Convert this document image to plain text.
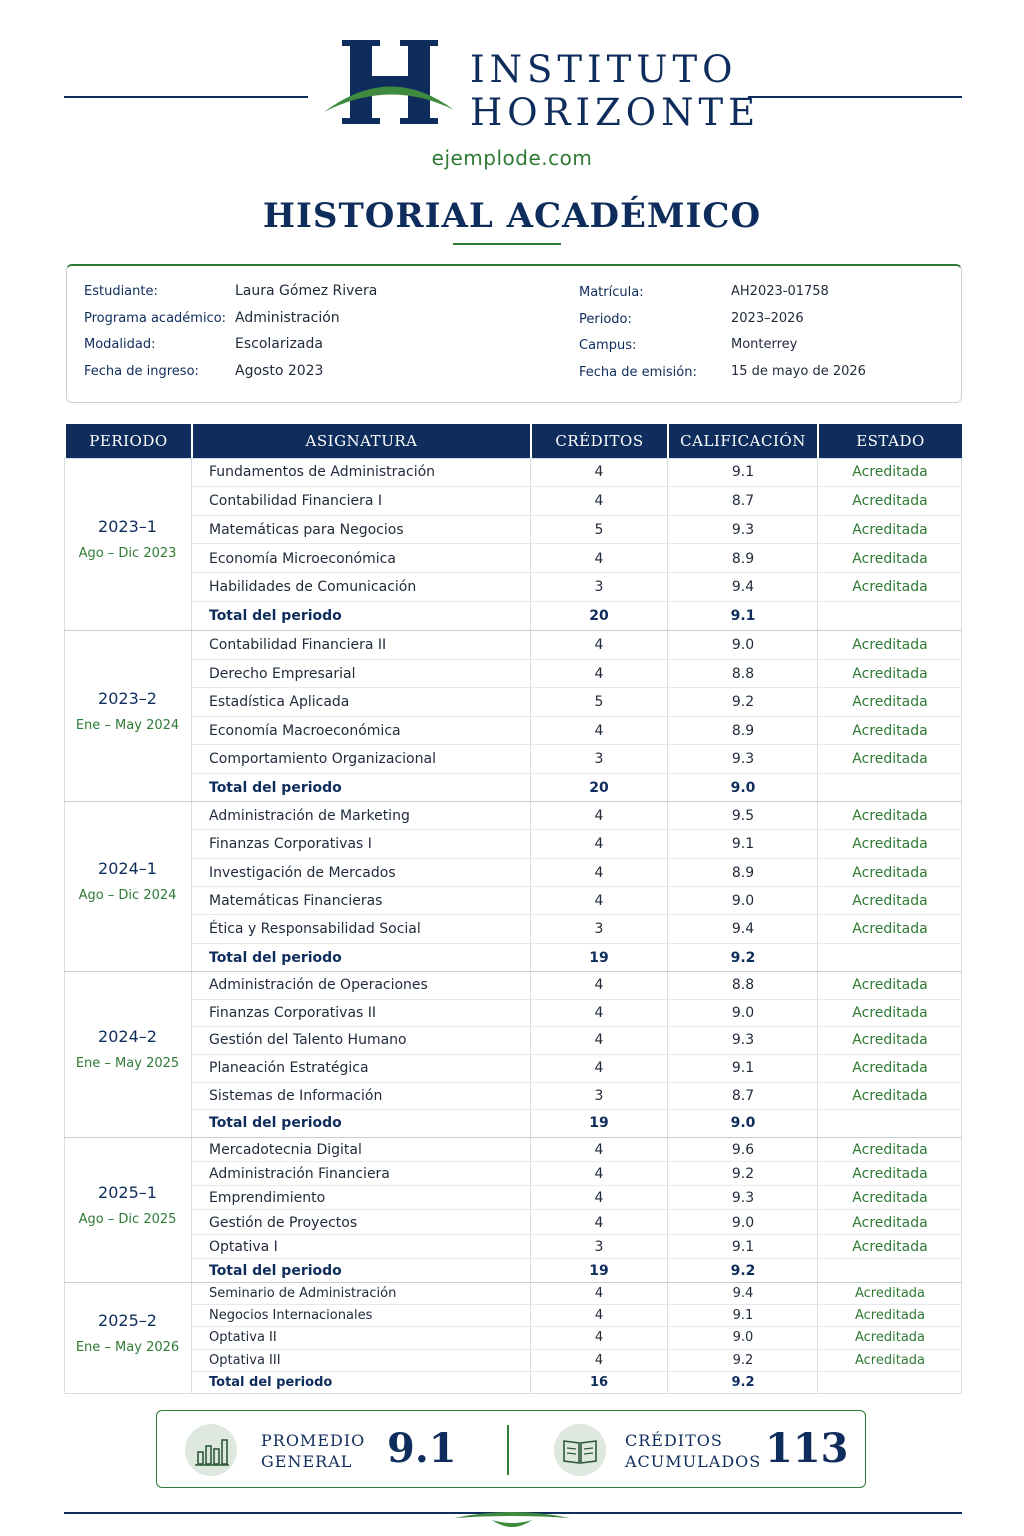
INSTITUTO
HORIZONTE
ejemplode.com
HISTORIAL ACADÉMICO
Estudiante:	Laura Gómez Rivera
Programa académico: Administración
Modalidad:	Escolarizada
Fecha de ingreso:	Agosto 2023
Matrícula:	AH2023-01758
Periodo:	2023–2026
Campus:	Monterrey
Fecha de emisión:	15 de mayo de 2026
PERIODO	ASIGNATURA	CRÉDITOS	CALIFICACIÓN	ESTADO
2023–1
Ago – Dic 2023
Fundamentos de Administración	4	9.1	Acreditada
Contabilidad Financiera I	4	8.7	Acreditada
Matemáticas para Negocios	5	9.3	Acreditada
Economía Microeconómica	4	8.9	Acreditada
Habilidades de Comunicación	3	9.4	Acreditada
Total del periodo	20	9.1
2023–2
Ene – May 2024
Contabilidad Financiera II	4	9.0	Acreditada
Derecho Empresarial	4	8.8	Acreditada
Estadística Aplicada	5	9.2	Acreditada
Economía Macroeconómica	4	8.9	Acreditada
Comportamiento Organizacional	3	9.3	Acreditada
Total del periodo	20	9.0
2024–1
Ago – Dic 2024
Administración de Marketing	4	9.5	Acreditada
Finanzas Corporativas I	4	9.1	Acreditada
Investigación de Mercados	4	8.9	Acreditada
Matemáticas Financieras	4	9.0	Acreditada
Ética y Responsabilidad Social	3	9.4	Acreditada
Total del periodo	19	9.2
2024–2
Ene – May 2025
Administración de Operaciones	4	8.8	Acreditada
Finanzas Corporativas II	4	9.0	Acreditada
Gestión del Talento Humano	4	9.3	Acreditada
Planeación Estratégica	4	9.1	Acreditada
Sistemas de Información	3	8.7	Acreditada
Total del periodo	19	9.0
2025–1
Ago – Dic 2025
Mercadotecnia Digital	4	9.6	Acreditada
Administración Financiera	4	9.2	Acreditada
Emprendimiento	4	9.3	Acreditada
Gestión de Proyectos	4	9.0	Acreditada
Optativa I	3	9.1	Acreditada
Total del periodo	19	9.2
2025–2
Ene – May 2026
Seminario de Administración	4	9.4	Acreditada
Negocios Internacionales	4	9.1	Acreditada
Optativa II	4	9.0	Acreditada
Optativa III	4	9.2	Acreditada
Total del periodo	16	9.2
PROMEDIO
GENERAL 9.1	CRÉDITOS
ACUMULADOS 113
